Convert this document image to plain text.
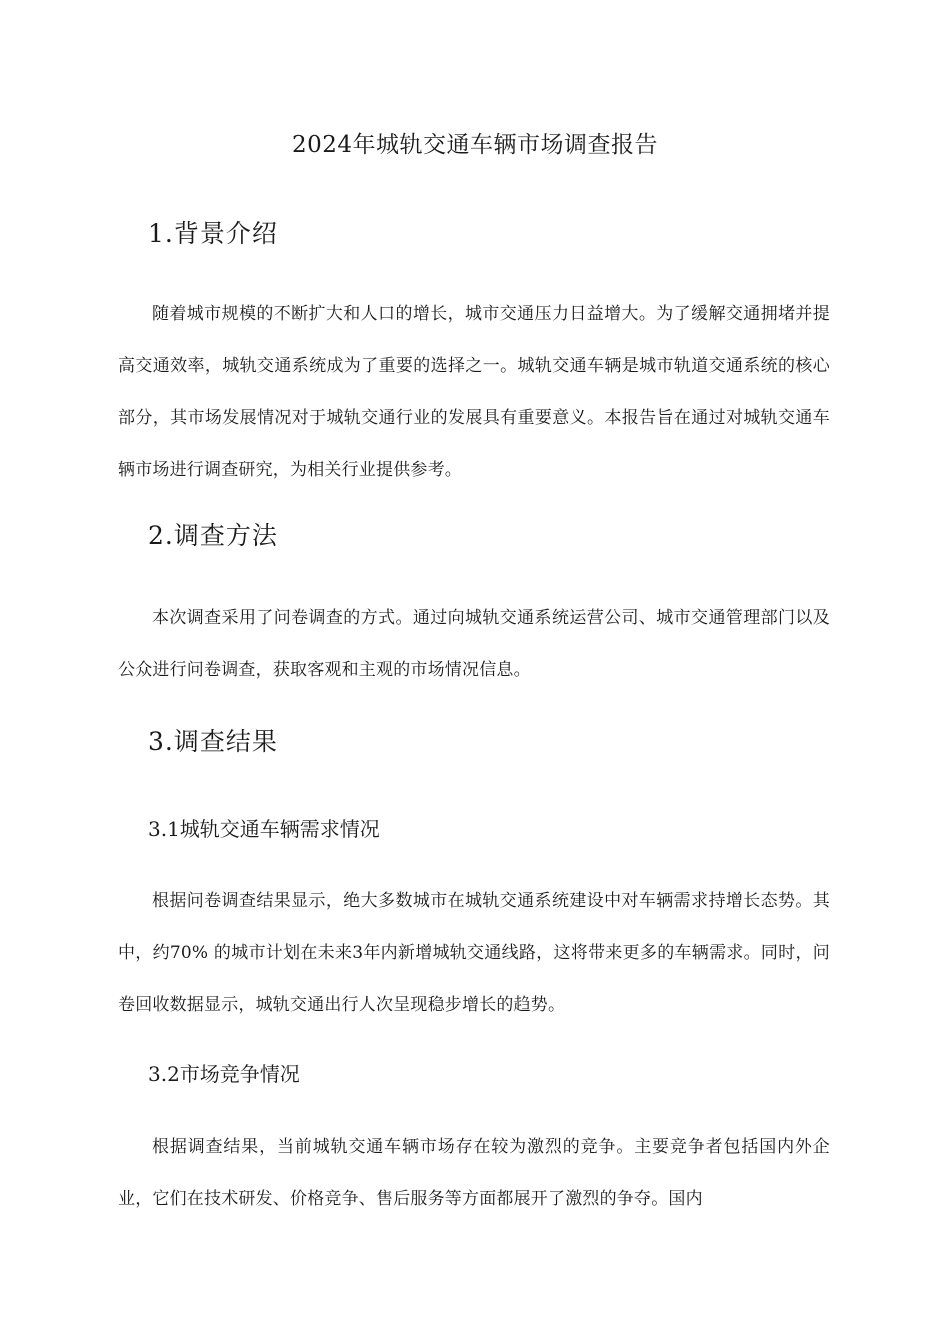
2024年城轨交通车辆市场调查报告
1.背景介绍

随着城市规模的不断扩大和人口的增长，城市交通压力日益增大。为了缓解交通拥堵并提高交通效率，城轨交通系统成为了重要的选择之一。城轨交通车辆是城市轨道交通系统的核心部分，其市场发展情况对于城轨交通行业的发展具有重要意义。本报告旨在通过对城轨交通车辆市场进行调查研究，为相关行业提供参考。

2.调查方法

本次调查采用了问卷调查的方式。通过向城轨交通系统运营公司、城市交通管理部门以及公众进行问卷调查，获取客观和主观的市场情况信息。

3.调查结果
3.1城轨交通车辆需求情况

根据问卷调查结果显示，绝大多数城市在城轨交通系统建设中对车辆需求持增长态势。其中，约70% 的城市计划在未来3年内新增城轨交通线路，这将带来更多的车辆需求。同时，问卷回收数据显示，城轨交通出行人次呈现稳步增长的趋势。

3.2市场竞争情况

根据调查结果，当前城轨交通车辆市场存在较为激烈的竞争。主要竞争者包括国内外企业，它们在技术研发、价格竞争、售后服务等方面都展开了激烈的争夺。国内
